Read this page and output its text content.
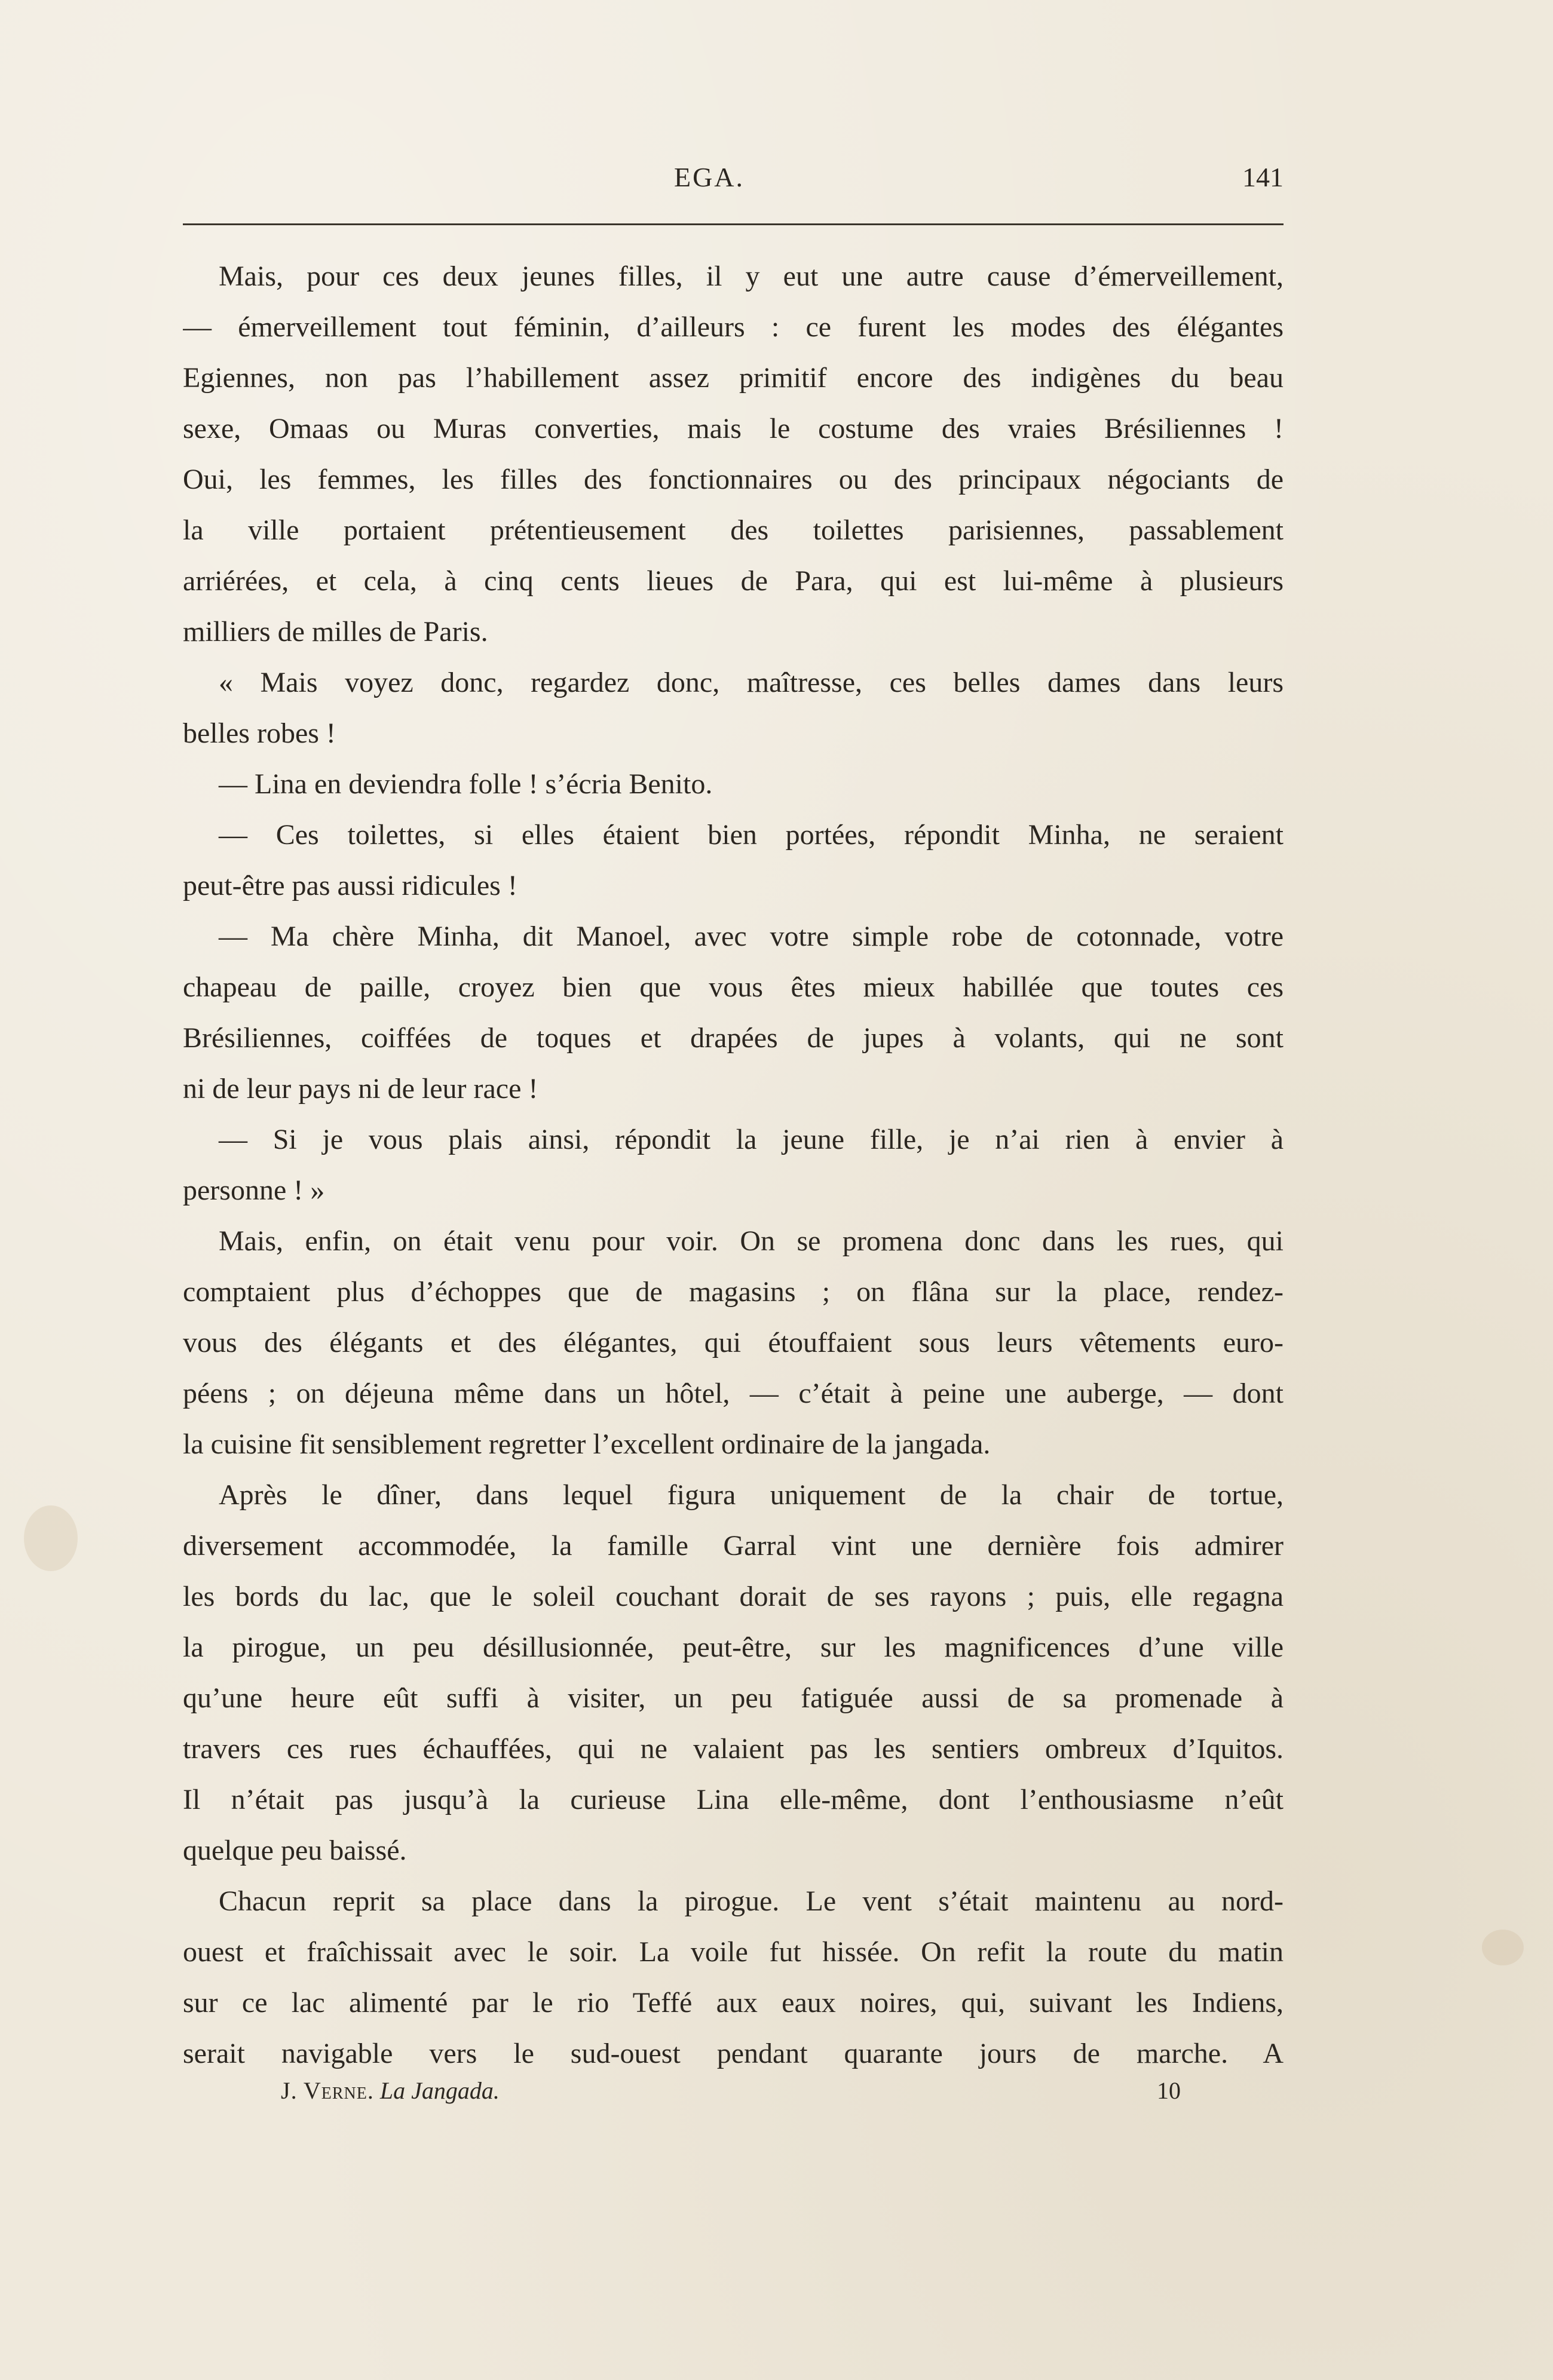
EGA.	141
Mais, pour ces deux jeunes filles, il y eut une autre cause d’émerveillement,
— émerveillement tout féminin, d’ailleurs : ce furent les modes des élégantes
Egiennes, non pas l’habillement assez primitif encore des indigènes du beau
sexe, Omaas ou Muras converties, mais le costume des vraies Brésiliennes !
Oui, les femmes, les filles des fonctionnaires ou des principaux négociants de
la ville portaient prétentieusement des toilettes parisiennes, passablement
arriérées, et cela, à cinq cents lieues de Para, qui est lui-même à plusieurs
milliers de milles de Paris.
« Mais voyez donc, regardez donc, maîtresse, ces belles dames dans leurs
belles robes !
— Lina en deviendra folle ! s’écria Benito.
— Ces toilettes, si elles étaient bien portées, répondit Minha, ne seraient
peut-être pas aussi ridicules !
— Ma chère Minha, dit Manoel, avec votre simple robe de cotonnade, votre
chapeau de paille, croyez bien que vous êtes mieux habillée que toutes ces
Brésiliennes, coiffées de toques et drapées de jupes à volants, qui ne sont
ni de leur pays ni de leur race !
— Si je vous plais ainsi, répondit la jeune fille, je n’ai rien à envier à
personne ! »
Mais, enfin, on était venu pour voir. On se promena donc dans les rues, qui
comptaient plus d’échoppes que de magasins ; on flâna sur la place, rendez-
vous des élégants et des élégantes, qui étouffaient sous leurs vêtements euro-
péens ; on déjeuna même dans un hôtel, — c’était à peine une auberge, — dont
la cuisine fit sensiblement regretter l’excellent ordinaire de la jangada.
Après le dîner, dans lequel figura uniquement de la chair de tortue,
diversement accommodée, la famille Garral vint une dernière fois admirer
les bords du lac, que le soleil couchant dorait de ses rayons ; puis, elle regagna
la pirogue, un peu désillusionnée, peut-être, sur les magnificences d’une ville
qu’une heure eût suffi à visiter, un peu fatiguée aussi de sa promenade à
travers ces rues échauffées, qui ne valaient pas les sentiers ombreux d’Iquitos.
Il n’était pas jusqu’à la curieuse Lina elle-même, dont l’enthousiasme n’eût
quelque peu baissé.
Chacun reprit sa place dans la pirogue. Le vent s’était maintenu au nord-
ouest et fraîchissait avec le soir. La voile fut hissée. On refit la route du matin
sur ce lac alimenté par le rio Teffé aux eaux noires, qui, suivant les Indiens,
serait navigable vers le sud-ouest pendant quarante jours de marche. A
J. Verne. La Jangada.	10
